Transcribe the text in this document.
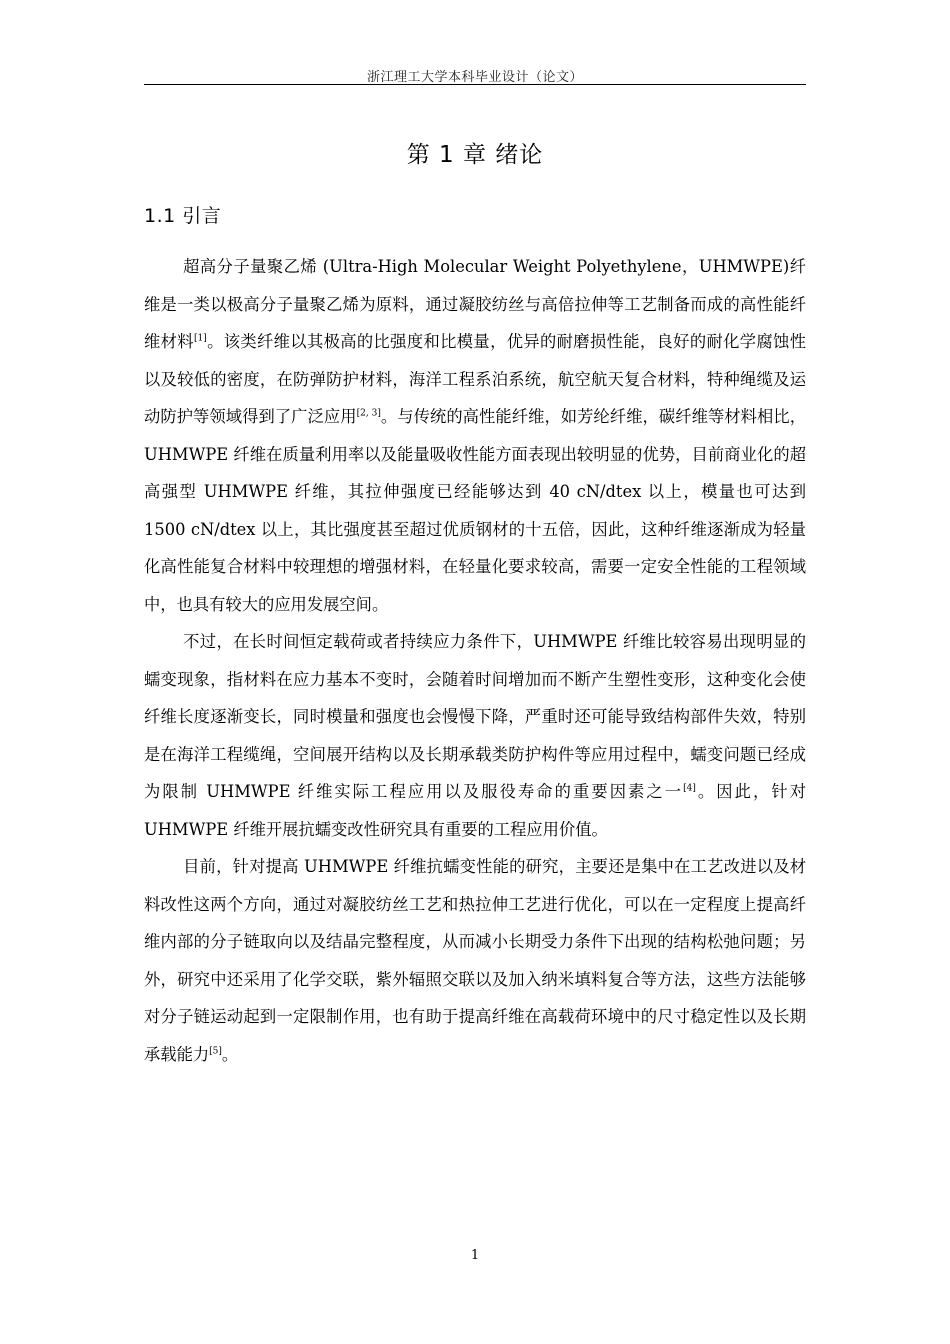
浙江理工大学本科毕业设计（论文）
第 1 章 绪论
1.1 引言

超高分子量聚乙烯 (Ultra-High Molecular Weight Polyethylene，UHMWPE)纤维是一类以极高分子量聚乙烯为原料，通过凝胶纺丝与高倍拉伸等工艺制备而成的高性能纤维材料[1]。该类纤维以其极高的比强度和比模量，优异的耐磨损性能，良好的耐化学腐蚀性以及较低的密度，在防弹防护材料，海洋工程系泊系统，航空航天复合材料，特种绳缆及运动防护等领域得到了广泛应用[2, 3]。与传统的高性能纤维，如芳纶纤维，碳纤维等材料相比，UHMWPE 纤维在质量利用率以及能量吸收性能方面表现出较明显的优势，目前商业化的超高强型 UHMWPE 纤维，其拉伸强度已经能够达到 40 cN/dtex 以上，模量也可达到 1500 cN/dtex 以上，其比强度甚至超过优质钢材的十五倍，因此，这种纤维逐渐成为轻量化高性能复合材料中较理想的增强材料，在轻量化要求较高，需要一定安全性能的工程领域中，也具有较大的应用发展空间。

不过，在长时间恒定载荷或者持续应力条件下，UHMWPE 纤维比较容易出现明显的蠕变现象，指材料在应力基本不变时，会随着时间增加而不断产生塑性变形，这种变化会使纤维长度逐渐变长，同时模量和强度也会慢慢下降，严重时还可能导致结构部件失效，特别是在海洋工程缆绳，空间展开结构以及长期承载类防护构件等应用过程中，蠕变问题已经成为限制 UHMWPE 纤维实际工程应用以及服役寿命的重要因素之一[4]。因此，针对 UHMWPE 纤维开展抗蠕变改性研究具有重要的工程应用价值。

目前，针对提高 UHMWPE 纤维抗蠕变性能的研究，主要还是集中在工艺改进以及材料改性这两个方向，通过对凝胶纺丝工艺和热拉伸工艺进行优化，可以在一定程度上提高纤维内部的分子链取向以及结晶完整程度，从而减小长期受力条件下出现的结构松弛问题；另外，研究中还采用了化学交联，紫外辐照交联以及加入纳米填料复合等方法，这些方法能够对分子链运动起到一定限制作用，也有助于提高纤维在高载荷环境中的尺寸稳定性以及长期承载能力[5]。

1
